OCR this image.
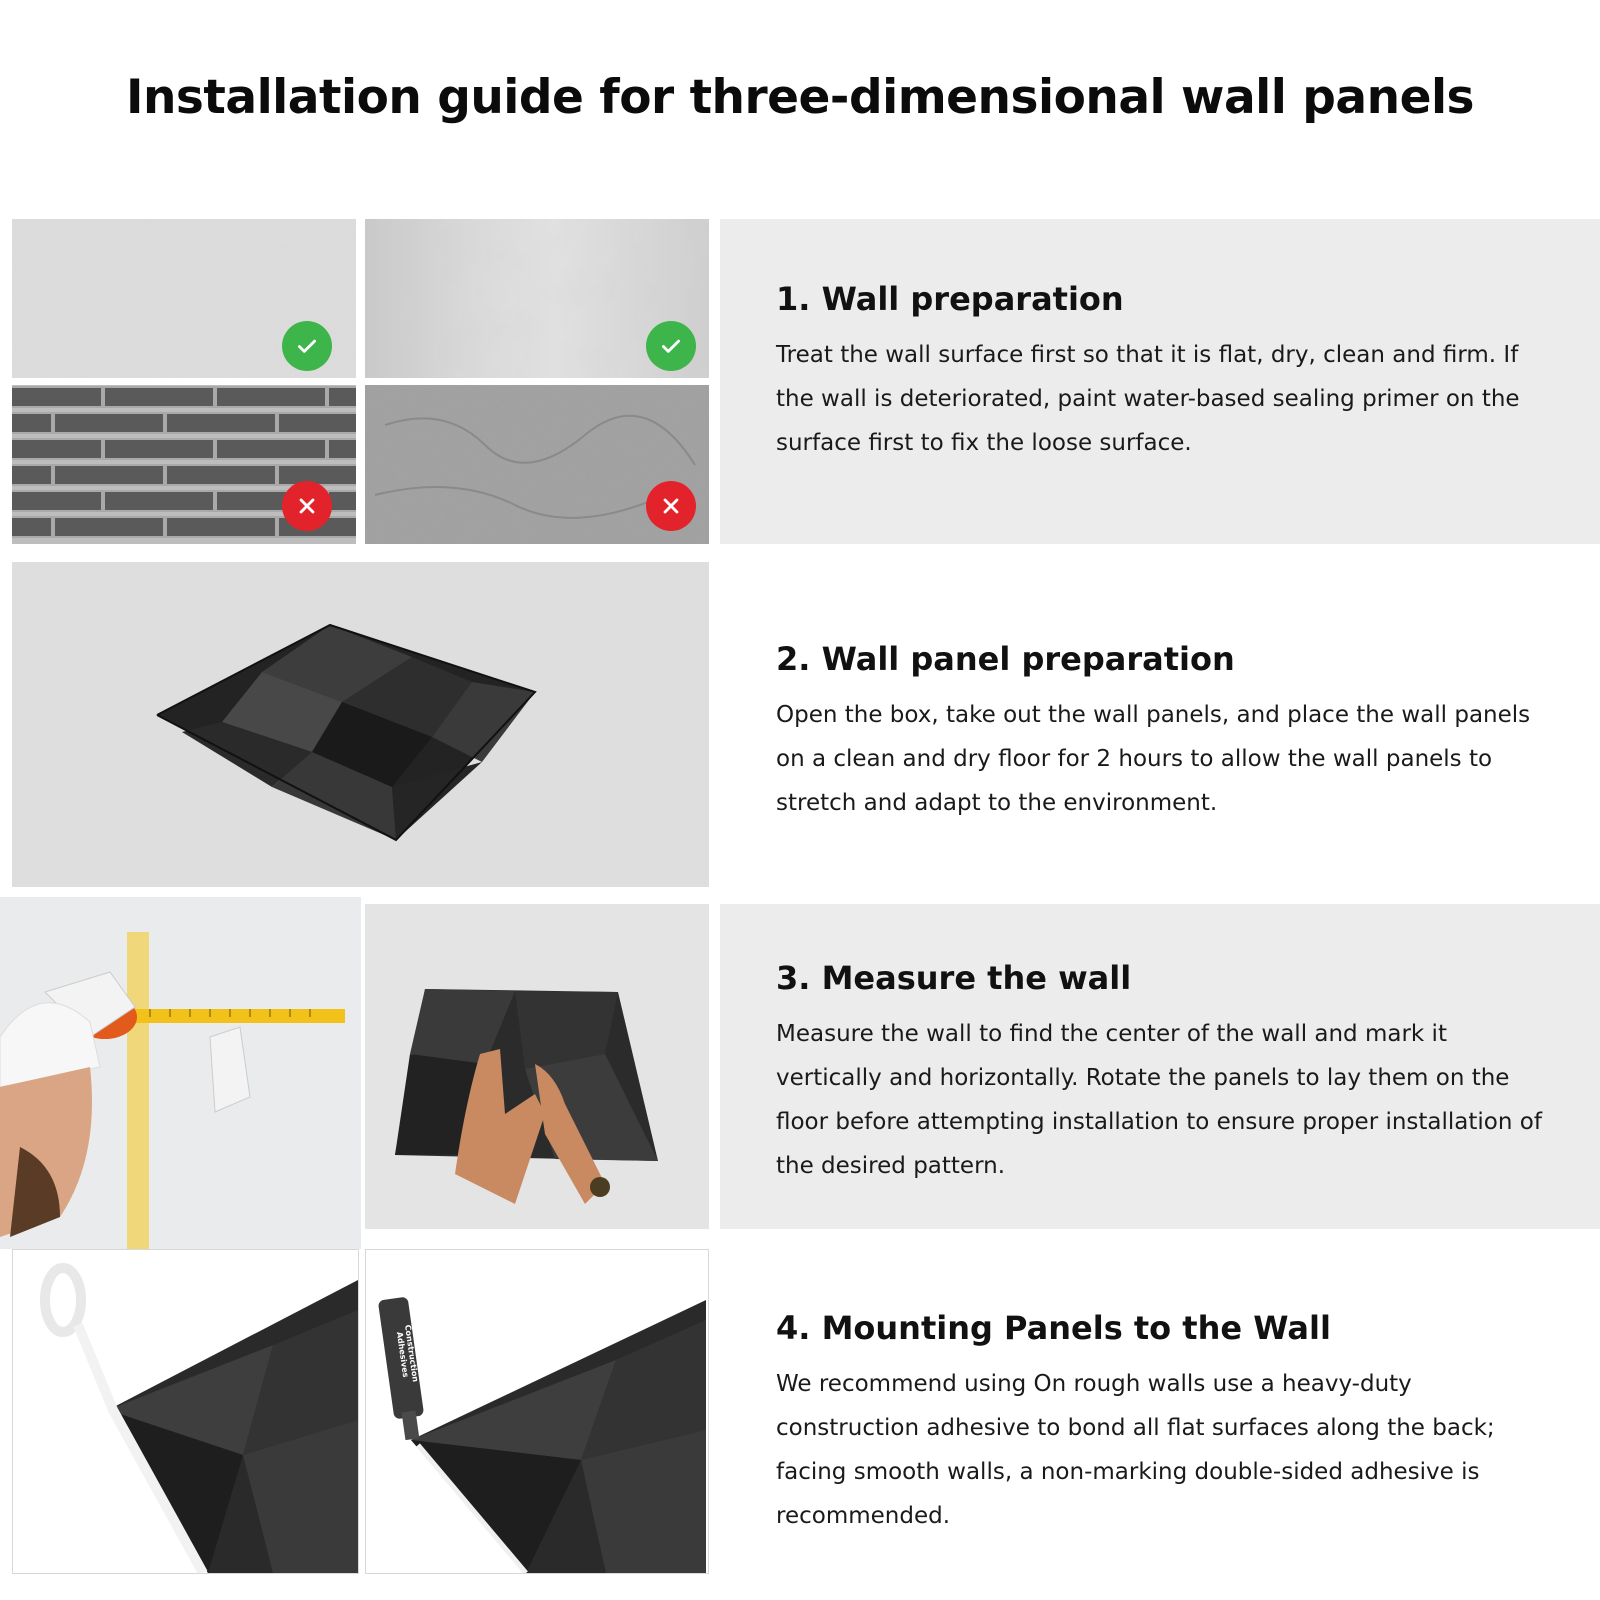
Installation guide for three-dimensional wall panels
1. Wall preparation

Treat the wall surface first so that it is flat, dry, clean and firm. If the wall is deteriorated, paint water-based sealing primer on the surface first to fix the loose surface.

2. Wall panel preparation

Open the box, take out the wall panels, and place the wall panels on a clean and dry floor for 2 hours to allow the wall panels to stretch and adapt to the environment.

3. Measure the wall

Measure the wall to find the center of the wall and mark it vertically and horizontally. Rotate the panels to lay them on the floor before attempting installation to ensure proper installation of the desired pattern.

Construction Adhesives
4. Mounting Panels to the Wall

We recommend using On rough walls use a heavy-duty construction adhesive to bond all flat surfaces along the back; facing smooth walls, a non-marking double-sided adhesive is recommended.
